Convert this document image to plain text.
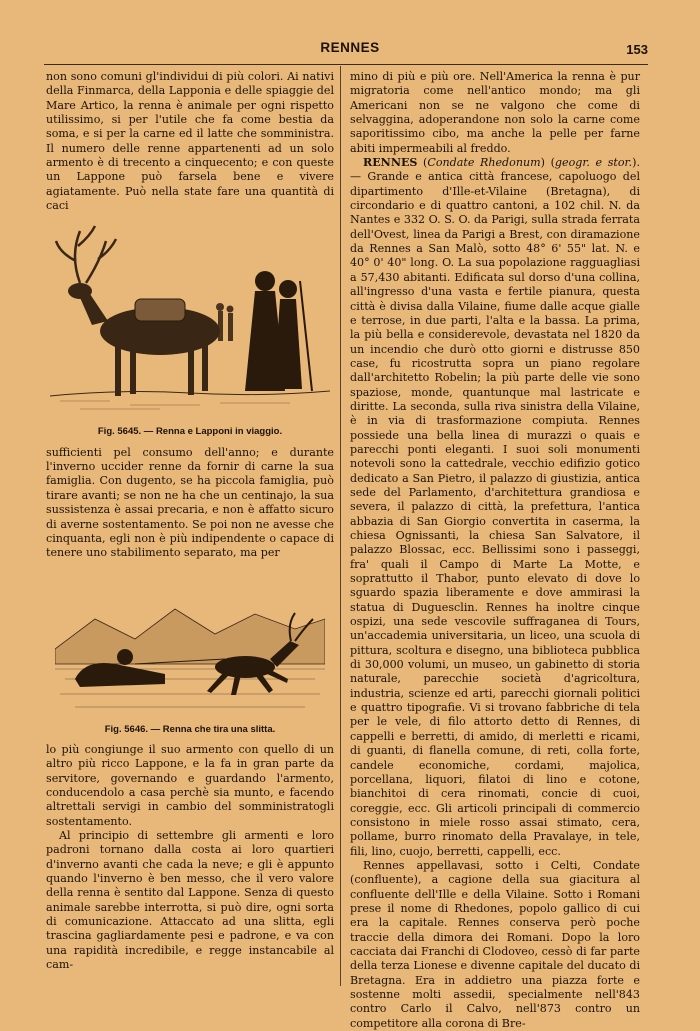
RENNES	153

non sono comuni gl'individui di più colori. Ai nativi della Finmarca, della Lapponia e delle spiaggie del Mare Artico, la renna è animale per ogni rispetto utilissimo, si per l'utile che fa come bestia da soma, e si per la carne ed il latte che somministra. Il numero delle renne appartenenti ad un solo armento è di trecento a cinquecento; e con queste un Lappone può farsela bene e vivere agiatamente. Può nella state fare una quantità di caci

Fig. 5645. — Renna e Lapponi in viaggio.

sufficienti pel consumo dell'anno; e durante l'inverno uccider renne da fornir di carne la sua famiglia. Con dugento, se ha piccola famiglia, può tirare avanti; se non ne ha che un centinajo, la sua sussistenza è assai precaria, e non è affatto sicuro di averne sostentamento. Se poi non ne avesse che cinquanta, egli non è più indipendente o capace di tenere uno stabilimento separato, ma per

Fig. 5646. — Renna che tira una slitta.

lo più congiunge il suo armento con quello di un altro più ricco Lappone, e la fa in gran parte da servitore, governando e guardando l'armento, conducendolo a casa perchè sia munto, e facendo altrettali servigi in cambio del somministratogli sostentamento.

Al principio di settembre gli armenti e loro padroni tornano dalla costa ai loro quartieri d'inverno avanti che cada la neve; e gli è appunto quando l'inverno è ben messo, che il vero valore della renna è sentito dal Lappone. Senza di questo animale sarebbe interrotta, si può dire, ogni sorta di comunicazione. Attaccato ad una slitta, egli trascina gagliardamente pesi e padrone, e va con una rapidità incredibile, e regge instancabile al cam-

mino di più e più ore. Nell'America la renna è pur migratoria come nell'antico mondo; ma gli Americani non se ne valgono che come di selvaggina, adoperandone non solo la carne come saporitissimo cibo, ma anche la pelle per farne abiti impermeabili al freddo.

RENNES (Condate Rhedonum) (geogr. e stor.). — Grande e antica città francese, capoluogo del dipartimento d'Ille-et-Vilaine (Bretagna), di circondario e di quattro cantoni, a 102 chil. N. da Nantes e 332 O. S. O. da Parigi, sulla strada ferrata dell'Ovest, linea da Parigi a Brest, con diramazione da Rennes a San Malò, sotto 48° 6' 55" lat. N. e 40° 0' 40" long. O. La sua popolazione ragguagliasi a 57,430 abitanti. Edificata sul dorso d'una collina, all'ingresso d'una vasta e fertile pianura, questa città è divisa dalla Vilaine, fiume dalle acque gialle e terrose, in due parti, l'alta e la bassa. La prima, la più bella e considerevole, devastata nel 1820 da un incendio che durò otto giorni e distrusse 850 case, fu ricostrutta sopra un piano regolare dall'architetto Robelin; la più parte delle vie sono spaziose, monde, quantunque mal lastricate e diritte. La seconda, sulla riva sinistra della Vilaine, è in via di trasformazione compiuta. Rennes possiede una bella linea di murazzi o quais e parecchi ponti eleganti. I suoi soli monumenti notevoli sono la cattedrale, vecchio edifizio gotico dedicato a San Pietro, il palazzo di giustizia, antica sede del Parlamento, d'architettura grandiosa e severa, il palazzo di città, la prefettura, l'antica abbazia di San Giorgio convertita in caserma, la chiesa Ognissanti, la chiesa San Salvatore, il palazzo Blossac, ecc. Bellissimi sono i passeggi, fra' quali il Campo di Marte La Motte, e soprattutto il Thabor, punto elevato di dove lo sguardo spazia liberamente e dove ammirasi la statua di Duguesclin. Rennes ha inoltre cinque ospizi, una sede vescovile suffraganea di Tours, un'accademia universitaria, un liceo, una scuola di pittura, scoltura e disegno, una biblioteca pubblica di 30,000 volumi, un museo, un gabinetto di storia naturale, parecchie società d'agricoltura, industria, scienze ed arti, parecchi giornali politici e quattro tipografie. Vi si trovano fabbriche di tela per le vele, di filo attorto detto di Rennes, di cappelli e berretti, di amido, di merletti e ricami, di guanti, di flanella comune, di reti, colla forte, candele economiche, cordami, majolica, porcellana, liquori, filatoi di lino e cotone, bianchitoi di cera rinomati, concie di cuoi, coreggie, ecc. Gli articoli principali di commercio consistono in miele rosso assai stimato, cera, pollame, burro rinomato della Pravalaye, in tele, fili, lino, cuojo, berretti, cappelli, ecc.

Rennes appellavasi, sotto i Celti, Condate (confluente), a cagione della sua giacitura al confluente dell'Ille e della Vilaine. Sotto i Romani prese il nome di Rhedones, popolo gallico di cui era la capitale. Rennes conserva però poche traccie della dimora dei Romani. Dopo la loro cacciata dai Franchi di Clodoveo, cessò di far parte della terza Lionese e divenne capitale del ducato di Bretagna. Era in addietro una piazza forte e sostenne molti assedii, specialmente nell'843 contro Carlo il Calvo, nell'873 contro un competitore alla corona di Bre-
